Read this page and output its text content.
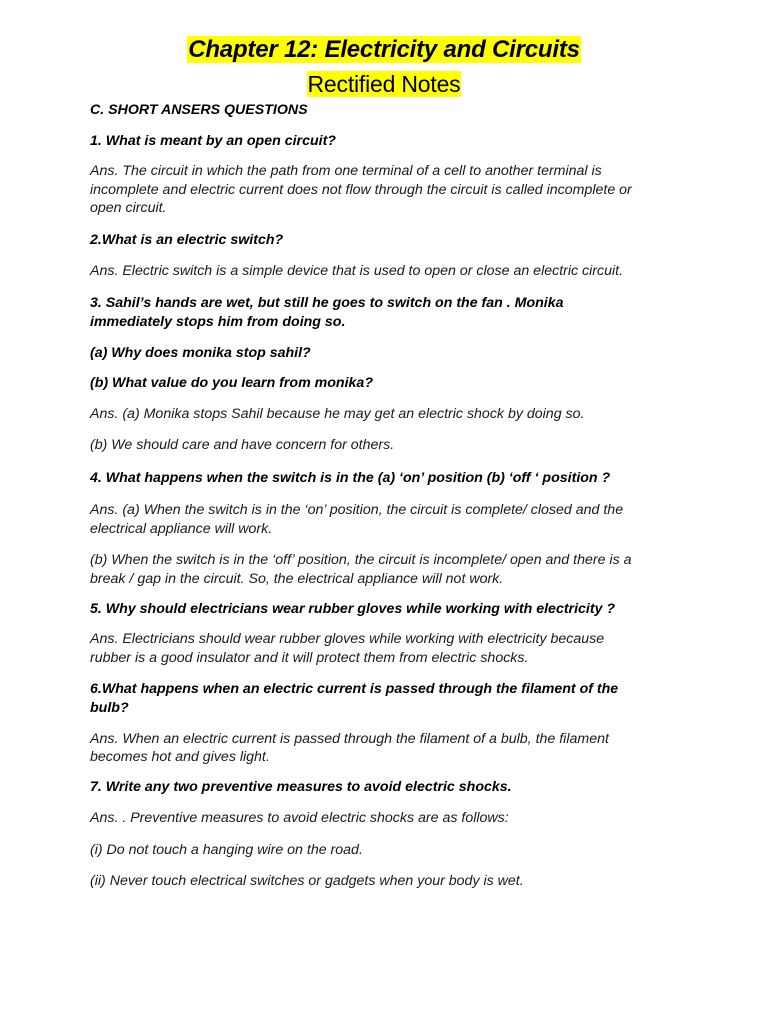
Chapter 12: Electricity and Circuits
Rectified Notes
C. SHORT ANSERS QUESTIONS
1. What is meant by an open circuit?
Ans. The circuit in which the path from one terminal of a cell to another terminal is
incomplete and electric current does not flow through the circuit is called incomplete or
open circuit.
2.What is an electric switch?
Ans. Electric switch is a simple device that is used to open or close an electric circuit.
3. Sahil’s hands are wet, but still he goes to switch on the fan . Monika
immediately stops him from doing so.
(a) Why does monika stop sahil?
(b) What value do you learn from monika?
Ans. (a) Monika stops Sahil because he may get an electric shock by doing so.
(b) We should care and have concern for others.
4. What happens when the switch is in the (a) ‘on’ position (b) ‘off ‘ position ?
Ans. (a) When the switch is in the ‘on’ position, the circuit is complete/ closed and the
electrical appliance will work.
(b) When the switch is in the ‘off’ position, the circuit is incomplete/ open and there is a
break / gap in the circuit. So, the electrical appliance will not work.
5. Why should electricians wear rubber gloves while working with electricity ?
Ans. Electricians should wear rubber gloves while working with electricity because
rubber is a good insulator and it will protect them from electric shocks.
6.What happens when an electric current is passed through the filament of the
bulb?
Ans. When an electric current is passed through the filament of a bulb, the filament
becomes hot and gives light.
7. Write any two preventive measures to avoid electric shocks.
Ans. . Preventive measures to avoid electric shocks are as follows:
(i) Do not touch a hanging wire on the road.
(ii) Never touch electrical switches or gadgets when your body is wet.
